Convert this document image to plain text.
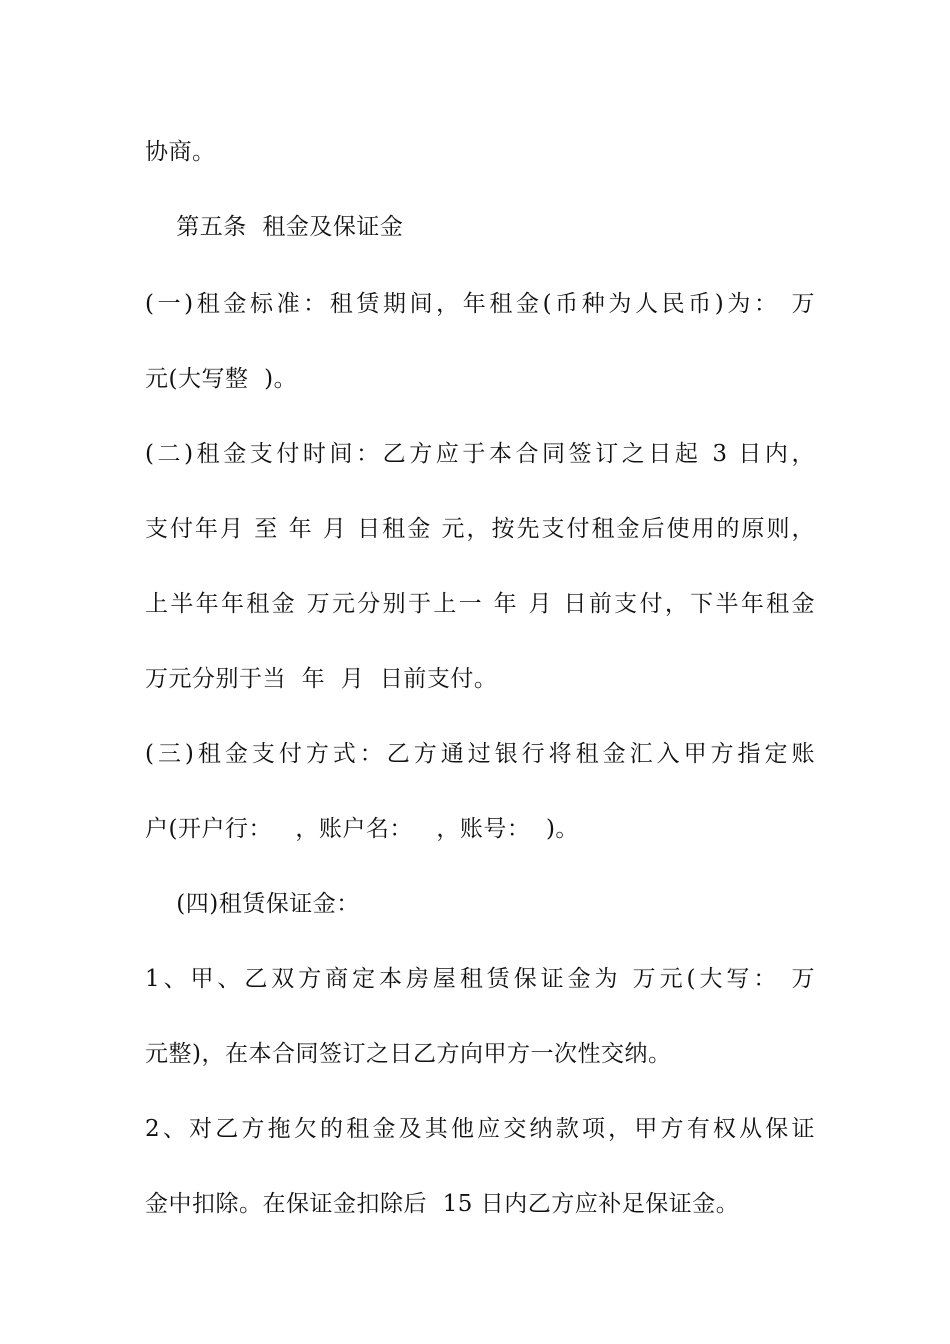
协商。
第五条  租金及保证金
(一)租金标准：租赁期间，年租金(币种为人民币)为： 万
元(大写整  )。
(二)租金支付时间：乙方应于本合同签订之日起 3 日内，
支付年月 至 年 月 日租金 元，按先支付租金后使用的原则，
上半年年租金 万元分别于上一 年 月 日前支付，下半年租金
万元分别于当  年  月  日前支付。
(三)租金支付方式：乙方通过银行将租金汇入甲方指定账
户(开户行：   ，账户名：   ，账号：  )。
(四)租赁保证金：
1、甲、乙双方商定本房屋租赁保证金为 万元(大写： 万
元整)，在本合同签订之日乙方向甲方一次性交纳。
2、对乙方拖欠的租金及其他应交纳款项，甲方有权从保证
金中扣除。在保证金扣除后  15 日内乙方应补足保证金。
